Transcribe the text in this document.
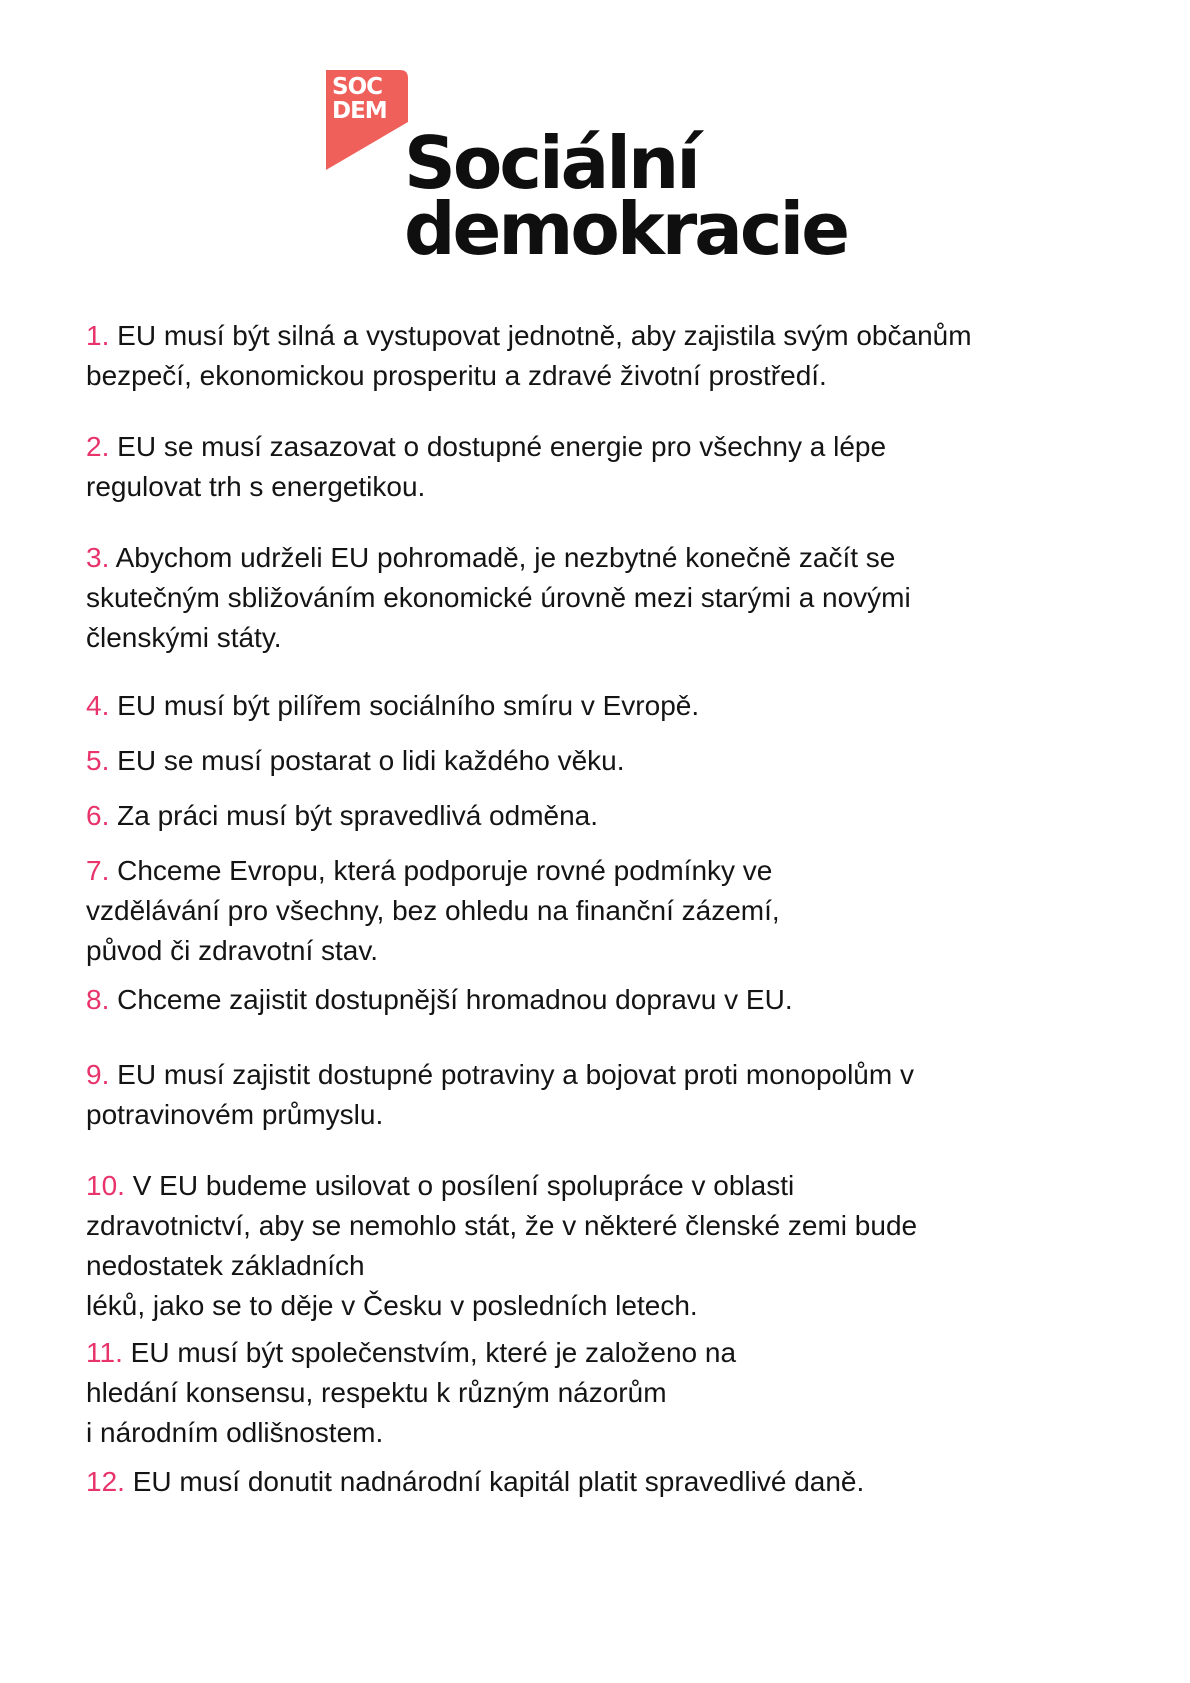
SOC
DEM
Sociální
demokracie
1. EU musí být silná a vystupovat jednotně, aby zajistila svým občanům
bezpečí, ekonomickou prosperitu a zdravé životní prostředí.
2. EU se musí zasazovat o dostupné energie pro všechny a lépe
regulovat trh s energetikou.
3. Abychom udrželi EU pohromadě, je nezbytné konečně začít se
skutečným sbližováním ekonomické úrovně mezi starými a novými
členskými státy.
4. EU musí být pilířem sociálního smíru v Evropě.
5. EU se musí postarat o lidi každého věku.
6. Za práci musí být spravedlivá odměna.
7. Chceme Evropu, která podporuje rovné podmínky ve
vzdělávání pro všechny, bez ohledu na finanční zázemí,
původ či zdravotní stav.
8. Chceme zajistit dostupnější hromadnou dopravu v EU.
9. EU musí zajistit dostupné potraviny a bojovat proti monopolům v
potravinovém průmyslu.
10. V EU budeme usilovat o posílení spolupráce v oblasti
zdravotnictví, aby se nemohlo stát, že v některé členské zemi bude
nedostatek základních
léků, jako se to děje v Česku v posledních letech.
11. EU musí být společenstvím, které je založeno na
hledání konsensu, respektu k různým názorům
i národním odlišnostem.
12. EU musí donutit nadnárodní kapitál platit spravedlivé daně.
